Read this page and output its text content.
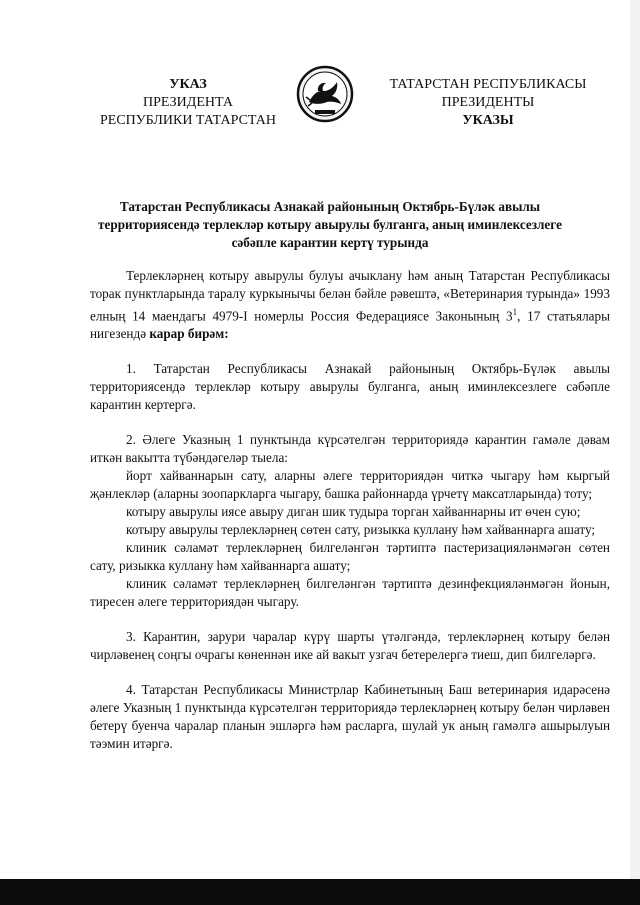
УКАЗ
ПРЕЗИДЕНТА
РЕСПУБЛИКИ ТАТАРСТАН
ТАТАРСТАН РЕСПУБЛИКАСЫ
ПРЕЗИДЕНТЫ
УКАЗЫ
Татарстан Республикасы Азнакай районының Октябрь-Бүләк авылы территориясендә терлекләр котыру авырулы булганга, аның иминлексезлеге сәбәпле карантин кертү турында

Терлекләрнең котыру авырулы булуы ачыклану һәм аның Татарстан Республикасы торак пунктларында таралу куркынычы белән бәйле рәвештә, «Ветеринария турында» 1993 елның 14 маендагы 4979-I номерлы Россия Федерациясе Законының $3^1$, 17 статьялары нигезендә карар бирәм:

1. Татарстан Республикасы Азнакай районының Октябрь-Бүләк авылы территориясендә терлекләр котыру авырулы булганга, аның иминлексезлеге сәбәпле карантин кертергә.

2. Әлеге Указның 1 пунктында күрсәтелгән территориядә карантин гамәле дәвам иткән вакытта түбәндәгеләр тыела:

йорт хайваннарын сату, аларны әлеге территориядән читкә чыгару һәм кыргый җәнлекләр (аларны зоопаркларга чыгару, башка районнарда үрчетү максатларында) тоту;

котыру авырулы иясе авыру диган шик тудыра торган хайваннарны ит өчен сую;

котыру авырулы терлекләрнең сөтен сату, ризыкка куллану һәм хайваннарга ашату;

клиник сәламәт терлекләрнең билгеләнгән тәртиптә пастеризацияләнмәгән сөтен сату, ризыкка куллану һәм хайваннарга ашату;

клиник сәламәт терлекләрнең билгеләнгән тәртиптә дезинфекцияләнмәгән йонын, тиресен әлеге территориядән чыгару.

3. Карантин, зарури чаралар күрү шарты үтәлгәндә, терлекләрнең котыру белән чирләвенең соңгы очрагы көненнән ике ай вакыт узгач бетерелергә тиеш, дип билгеләргә.

4. Татарстан Республикасы Министрлар Кабинетының Баш ветеринария идарәсенә әлеге Указның 1 пунктында күрсәтелгән территориядә терлекләрнең котыру белән чирләвен бетерү буенча чаралар планын эшләргә һәм расларга, шулай ук аның гамәлгә ашырылуын тәэмин итәргә.
